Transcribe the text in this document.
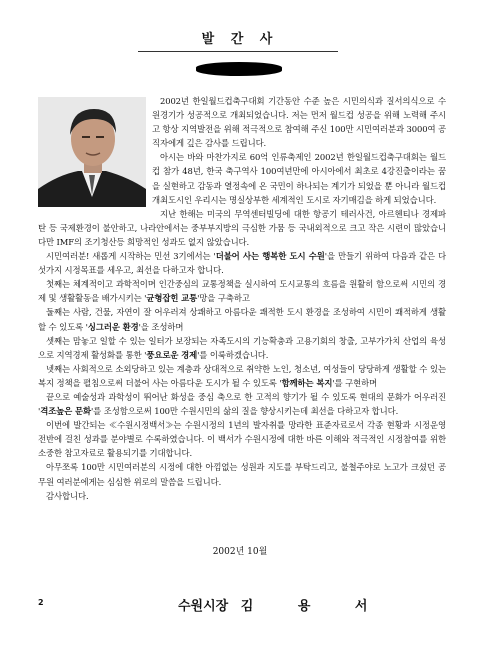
발 간 사

2002년 한일월드컵축구대회 기간동안 수준 높은 시민의식과 질서의식으로 수원경기가 성공적으로 개최되었습니다. 저는 먼저 월드컵 성공을 위해 노력해 주시고 항상 지역발전을 위해 적극적으로 참여해 주신 100만 시민여러분과 3000여 공직자에게 깊은 감사를 드립니다.

아시는 바와 마찬가지로 60억 인류축제인 2002년 한일월드컵축구대회는 월드컵 참가 48년, 한국 축구역사 100여년만에 아시아에서 최초로 4강진출이라는 꿈을 실현하고 감동과 열정속에 온 국민이 하나되는 계기가 되었을 뿐 아니라 월드컵 개최도시인 우리시는 명실상부한 세계적인 도시로 자기매김을 하게 되었습니다.

지난 한해는 미국의 무역센터빌딩에 대한 항공기 테러사건, 아르헨티나 경제파탄 등 국제환경이 불안하고, 나라안에서는 중부부지방의 극심한 가뭄 등 국내외적으로 크고 작은 시련이 많았습니다만 IMF의 조기청산등 희망적인 성과도 없지 않았습니다.

시민여러분! 새롭게 시작하는 민선 3기에서는 '더불어 사는 행복한 도시 수원'을 만들기 위하여 다음과 같은 다섯가지 시정목표를 세우고, 최선을 다하고자 합니다.

첫째는 체계적이고 과학적이며 인간중심의 교통정책을 실시하여 도시교통의 흐름을 원활히 함으로써 시민의 경제 및 생활활동을 배가시키는 '균형잡힌 교통'망을 구축하고

둘째는 사람, 건물, 자연이 잘 어우러져 상쾌하고 아름다운 쾌적한 도시 환경을 조성하여 시민이 쾌적하게 생활할 수 있도록 '싱그러운 환경'을 조성하며

셋째는 맘놓고 일할 수 있는 일터가 보장되는 자족도시의 기능확충과 고용기회의 창출, 고부가가치 산업의 육성으로 지역경제 활성화를 통한 '풍요로운 경제'를 이룩하겠습니다.

넷째는 사회적으로 소외당하고 있는 계층과 상대적으로 취약한 노인, 청소년, 여성들이 당당하게 생활할 수 있는 복지 정책을 펼침으로써 더불어 사는 아름다운 도시가 될 수 있도록 '함께하는 복지'를 구현하며

끝으로 예술성과 과학성이 뛰어난 화성을 중심 축으로 한 고적의 향기가 될 수 있도록 현대의 문화가 어우러진 '격조높은 문화'를 조성함으로써 100만 수원시민의 삶의 질을 향상시키는데 최선을 다하고자 합니다.

이번에 발간되는 ≪수원시정백서≫는 수원시정의 1년의 발자취를 망라한 표준자료로서 각종 현황과 시정운영 전반에 걸친 성과를 분야별로 수록하였습니다. 이 백서가 수원시정에 대한 바른 이해와 적극적인 시정참여를 위한 소중한 참고자료로 활용되기를 기대합니다.

아무쪼록 100만 시민여러분의 시정에 대한 아낌없는 성원과 지도를 부탁드리고, 불철주야로 노고가 크셨던 공무원 여러분에게는 심심한 위로의 말씀을 드립니다.

감사합니다.

2002년 10월
2	수원시장 김 용 서
